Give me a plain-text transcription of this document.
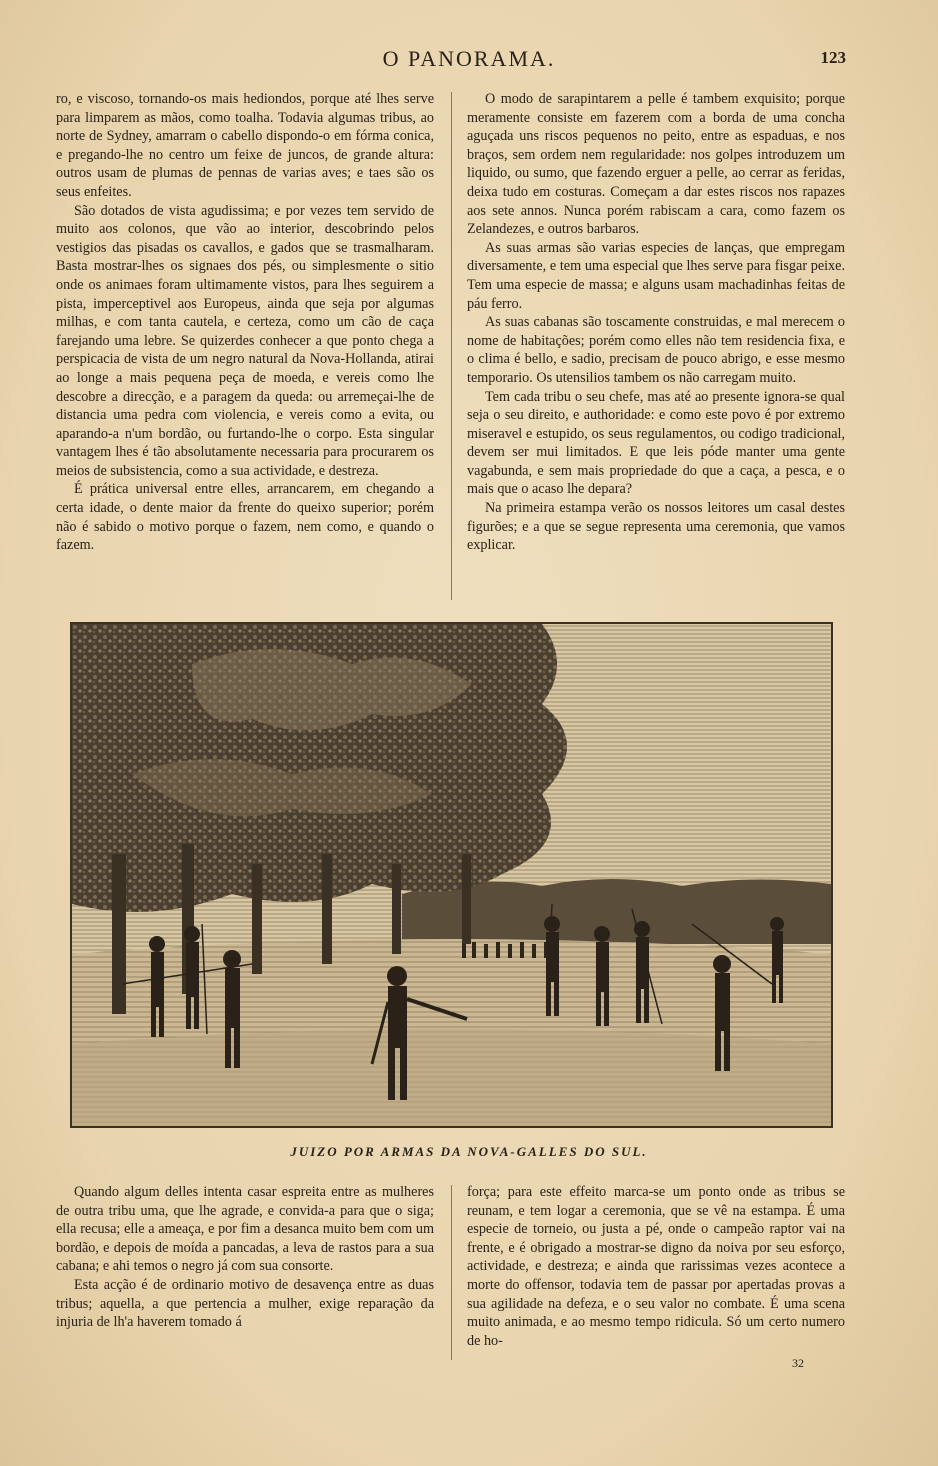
O PANORAMA.	123

ro, e viscoso, tornando-os mais hediondos, porque até lhes serve para limparem as mãos, como toalha. Todavia algumas tribus, ao norte de Sydney, amarram o cabello dispondo-o em fórma conica, e pregando-lhe no centro um feixe de juncos, de grande altura: outros usam de plumas de pennas de varias aves; e taes são os seus enfeites.

São dotados de vista agudissima; e por vezes tem servido de muito aos colonos, que vão ao interior, descobrindo pelos vestigios das pisadas os cavallos, e gados que se trasmalharam. Basta mostrar-lhes os signaes dos pés, ou simplesmente o sitio onde os animaes foram ultimamente vistos, para lhes seguirem a pista, imperceptivel aos Europeus, ainda que seja por algumas milhas, e com tanta cautela, e certeza, como um cão de caça farejando uma lebre. Se quizerdes conhecer a que ponto chega a perspicacia de vista de um negro natural da Nova-Hollanda, atirai ao longe a mais pequena peça de moeda, e vereis como lhe descobre a direcção, e a paragem da queda: ou arremeçai-lhe de distancia uma pedra com violencia, e vereis como a evita, ou aparando-a n'um bordão, ou furtando-lhe o corpo. Esta singular vantagem lhes é tão absolutamente necessaria para procurarem os meios de subsistencia, como a sua actividade, e destreza.

É prática universal entre elles, arrancarem, em chegando a certa idade, o dente maior da frente do queixo superior; porém não é sabido o motivo porque o fazem, nem como, e quando o fazem.

O modo de sarapintarem a pelle é tambem exquisito; porque meramente consiste em fazerem com a borda de uma concha aguçada uns riscos pequenos no peito, entre as espaduas, e nos braços, sem ordem nem regularidade: nos golpes introduzem um liquido, ou sumo, que fazendo erguer a pelle, ao cerrar as feridas, deixa tudo em costuras. Começam a dar estes riscos nos rapazes aos sete annos. Nunca porém rabiscam a cara, como fazem os Zelandezes, e outros barbaros.

As suas armas são varias especies de lanças, que empregam diversamente, e tem uma especial que lhes serve para fisgar peixe. Tem uma especie de massa; e alguns usam machadinhas feitas de páu ferro.

As suas cabanas são toscamente construidas, e mal merecem o nome de habitações; porém como elles não tem residencia fixa, e o clima é bello, e sadio, precisam de pouco abrigo, e esse mesmo temporario. Os utensilios tambem os não carregam muito.

Tem cada tribu o seu chefe, mas até ao presente ignora-se qual seja o seu direito, e authoridade: e como este povo é por extremo miseravel e estupido, os seus regulamentos, ou codigo tradicional, devem ser mui limitados. E que leis póde manter uma gente vagabunda, e sem mais propriedade do que a caça, a pesca, e o mais que o acaso lhe depara?

Na primeira estampa verão os nossos leitores um casal destes figurões; e a que se segue representa uma ceremonia, que vamos explicar.

JUIZO POR ARMAS DA NOVA-GALLES DO SUL.

Quando algum delles intenta casar espreita entre as mulheres de outra tribu uma, que lhe agrade, e convida-a para que o siga; ella recusa; elle a ameaça, e por fim a desanca muito bem com um bordão, e depois de moída a pancadas, a leva de rastos para a sua cabana; e ahi temos o negro já com sua consorte.

Esta acção é de ordinario motivo de desavença entre as duas tribus; aquella, a que pertencia a mulher, exige reparação da injuria de lh'a haverem tomado á

força; para este effeito marca-se um ponto onde as tribus se reunam, e tem logar a ceremonia, que se vê na estampa. É uma especie de torneio, ou justa a pé, onde o campeão raptor vai na frente, e é obrigado a mostrar-se digno da noiva por seu esforço, actividade, e destreza; e ainda que rarissimas vezes acontece a morte do offensor, todavia tem de passar por apertadas provas a sua agilidade na defeza, e o seu valor no combate. É uma scena muito animada, e ao mesmo tempo ridicula. Só um certo numero de ho-

32
